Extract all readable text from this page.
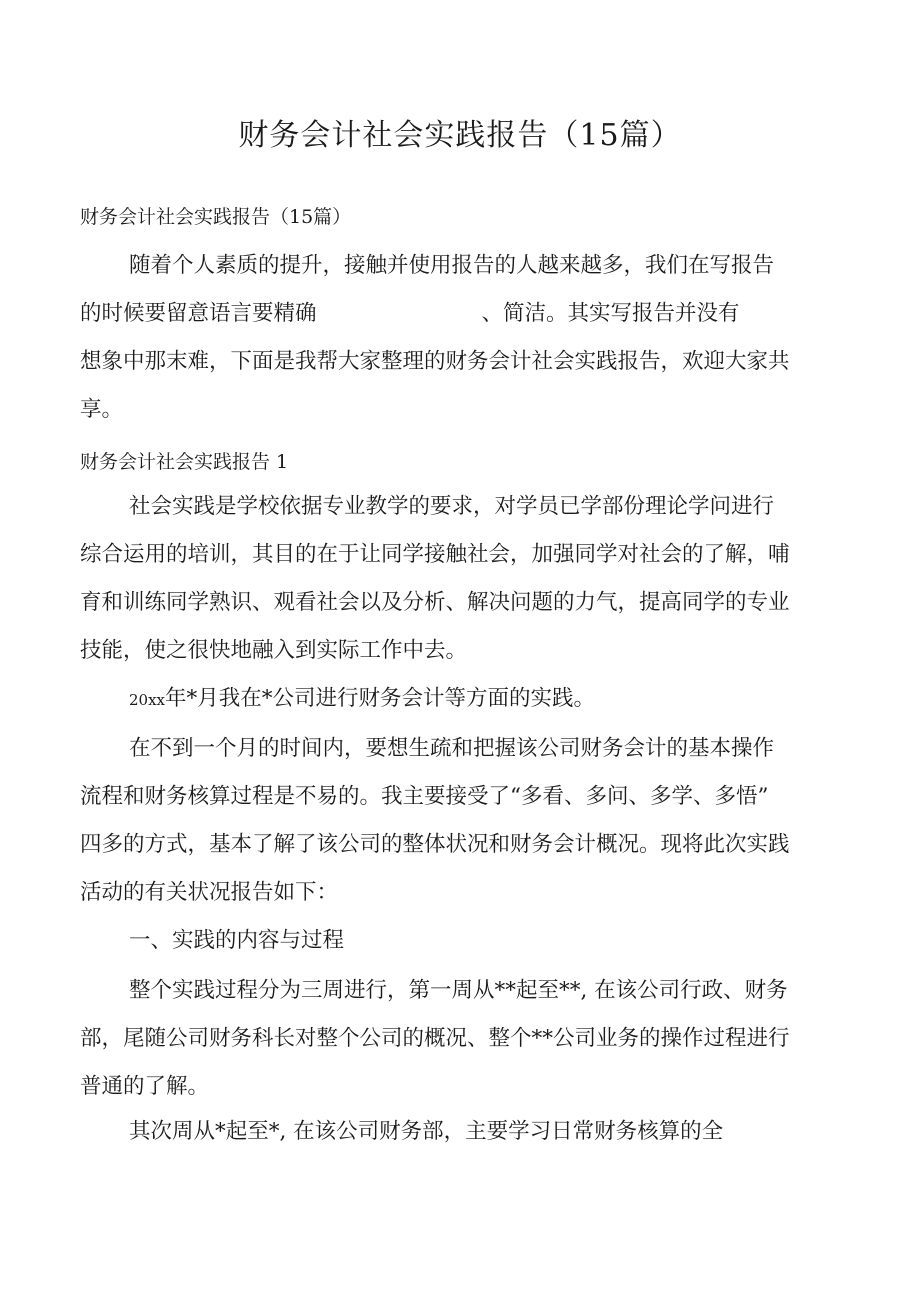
财务会计社会实践报告（15篇）

财务会计社会实践报告（15篇）

随着个人素质的提升，接触并使用报告的人越来越多，我们在写报告
的时候要留意语言要精确	、简洁。其实写报告并没有
想象中那末难，下面是我帮大家整理的财务会计社会实践报告，欢迎大家共
享。

财务会计社会实践报告 1

社会实践是学校依据专业教学的要求，对学员已学部份理论学问进行
综合运用的培训，其目的在于让同学接触社会，加强同学对社会的了解，哺
育和训练同学熟识、观看社会以及分析、解决问题的力气，提高同学的专业
技能，使之很快地融入到实际工作中去。
20xx年*月我在*公司进行财务会计等方面的实践。
在不到一个月的时间内，要想生疏和把握该公司财务会计的基本操作
流程和财务核算过程是不易的。我主要接受了“多看、多问、多学、多悟”
四多的方式，基本了解了该公司的整体状况和财务会计概况。现将此次实践
活动的有关状况报告如下：
一、实践的内容与过程
整个实践过程分为三周进行，第一周从**起至**, 在该公司行政、财务
部，尾随公司财务科长对整个公司的概况、整个**公司业务的操作过程进行
普通的了解。
其次周从*起至*, 在该公司财务部，主要学习日常财务核算的全
